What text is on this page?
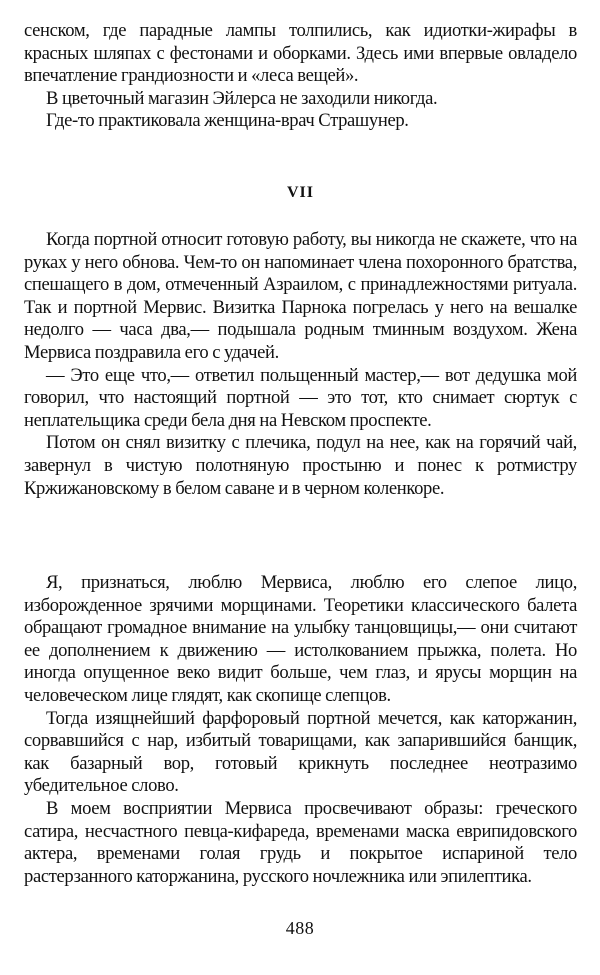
сенском, где парадные лампы толпились, как идиотки-жирафы в красных шляпах с фестонами и оборками. Здесь ими впервые овладело впечатление грандиозности и «леса вещей».

В цветочный магазин Эйлерса не заходили никогда.

Где-то практиковала женщина-врач Страшунер.

VII

Когда портной относит готовую работу, вы никогда не скажете, что на руках у него обнова. Чем-то он напоминает члена похоронного братства, спешащего в дом, отмеченный Азраилом, с принадлежностями ритуала. Так и портной Мервис. Визитка Парнока погрелась у него на вешалке недолго — часа два,— подышала родным тминным воздухом. Жена Мервиса поздравила его с удачей.

— Это еще что,— ответил польщенный мастер,— вот дедушка мой говорил, что настоящий портной — это тот, кто снимает сюртук с неплательщика среди бела дня на Невском проспекте.

Потом он снял визитку с плечика, подул на нее, как на горячий чай, завернул в чистую полотняную простыню и понес к ротмистру Кржижановскому в белом саване и в черном коленкоре.

Я, признаться, люблю Мервиса, люблю его слепое лицо, изборожденное зрячими морщинами. Теоретики классического балета обращают громадное внимание на улыбку танцовщицы,— они считают ее дополнением к движению — истолкованием прыжка, полета. Но иногда опущенное веко видит больше, чем глаз, и ярусы морщин на человеческом лице глядят, как скопище слепцов.

Тогда изящнейший фарфоровый портной мечется, как каторжанин, сорвавшийся с нар, избитый товарищами, как запарившийся банщик, как базарный вор, готовый крикнуть последнее неотразимо убедительное слово.

В моем восприятии Мервиса просвечивают образы: греческого сатира, несчастного певца-кифареда, временами маска еврипидовского актера, временами голая грудь и покрытое испариной тело растерзанного каторжанина, русского ночлежника или эпилептика.

488
